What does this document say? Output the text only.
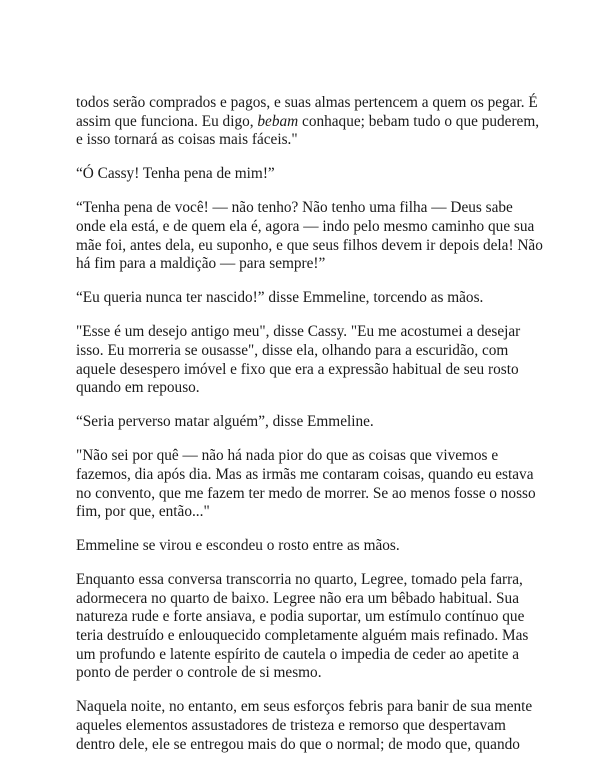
todos serão comprados e pagos, e suas almas pertencem a quem os pegar. É
assim que funciona. Eu digo, bebam conhaque; bebam tudo o que puderem,
e isso tornará as coisas mais fáceis."

“Ó Cassy! Tenha pena de mim!”

“Tenha pena de você! — não tenho? Não tenho uma filha — Deus sabe
onde ela está, e de quem ela é, agora — indo pelo mesmo caminho que sua
mãe foi, antes dela, eu suponho, e que seus filhos devem ir depois dela! Não
há fim para a maldição — para sempre!”

“Eu queria nunca ter nascido!” disse Emmeline, torcendo as mãos.

"Esse é um desejo antigo meu", disse Cassy. "Eu me acostumei a desejar
isso. Eu morreria se ousasse", disse ela, olhando para a escuridão, com
aquele desespero imóvel e fixo que era a expressão habitual de seu rosto
quando em repouso.

“Seria perverso matar alguém”, disse Emmeline.

"Não sei por quê — não há nada pior do que as coisas que vivemos e
fazemos, dia após dia. Mas as irmãs me contaram coisas, quando eu estava
no convento, que me fazem ter medo de morrer. Se ao menos fosse o nosso
fim, por que, então..."

Emmeline se virou e escondeu o rosto entre as mãos.

Enquanto essa conversa transcorria no quarto, Legree, tomado pela farra,
adormecera no quarto de baixo. Legree não era um bêbado habitual. Sua
natureza rude e forte ansiava, e podia suportar, um estímulo contínuo que
teria destruído e enlouquecido completamente alguém mais refinado. Mas
um profundo e latente espírito de cautela o impedia de ceder ao apetite a
ponto de perder o controle de si mesmo.

Naquela noite, no entanto, em seus esforços febris para banir de sua mente
aqueles elementos assustadores de tristeza e remorso que despertavam
dentro dele, ele se entregou mais do que o normal; de modo que, quando
